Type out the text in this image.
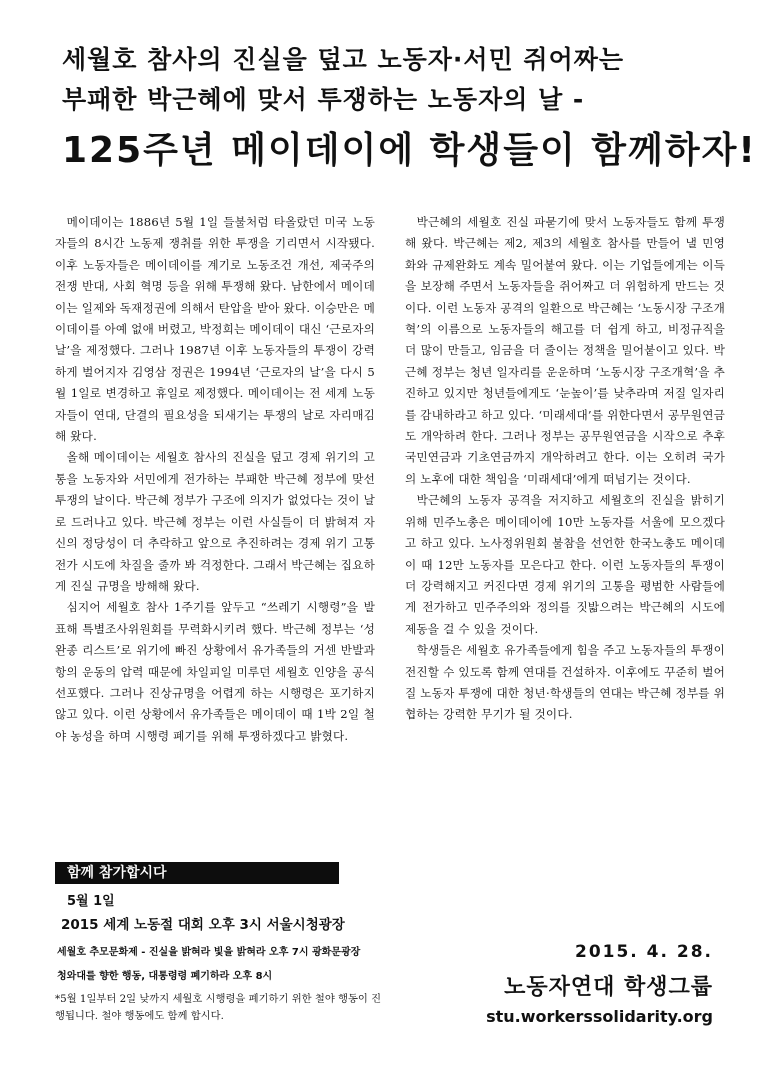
세월호 참사의 진실을 덮고 노동자·서민 쥐어짜는
부패한 박근혜에 맞서 투쟁하는 노동자의 날 -
125주년 메이데이에 학생들이 함께하자!

메이데이는 1886년 5월 1일 들불처럼 타올랐던 미국 노동자들의 8시간 노동제 쟁취를 위한 투쟁을 기리면서 시작됐다. 이후 노동자들은 메이데이를 계기로 노동조건 개선, 제국주의 전쟁 반대, 사회 혁명 등을 위해 투쟁해 왔다. 남한에서 메이데이는 일제와 독재정권에 의해서 탄압을 받아 왔다. 이승만은 메이데이를 아예 없애 버렸고, 박정희는 메이데이 대신 ‘근로자의 날’을 제정했다. 그러나 1987년 이후 노동자들의 투쟁이 강력하게 벌어지자 김영삼 정권은 1994년 ‘근로자의 날’을 다시 5월 1일로 변경하고 휴일로 제정했다. 메이데이는 전 세계 노동자들이 연대, 단결의 필요성을 되새기는 투쟁의 날로 자리매김해 왔다.

올해 메이데이는 세월호 참사의 진실을 덮고 경제 위기의 고통을 노동자와 서민에게 전가하는 부패한 박근혜 정부에 맞선 투쟁의 날이다. 박근혜 정부가 구조에 의지가 없었다는 것이 날로 드러나고 있다. 박근혜 정부는 이런 사실들이 더 밝혀져 자신의 정당성이 더 추락하고 앞으로 추진하려는 경제 위기 고통전가 시도에 차질을 줄까 봐 걱정한다. 그래서 박근혜는 집요하게 진실 규명을 방해해 왔다.

심지어 세월호 참사 1주기를 앞두고 “쓰레기 시행령”을 발표해 특별조사위원회를 무력화시키려 했다. 박근혜 정부는 ‘성완종 리스트’로 위기에 빠진 상황에서 유가족들의 거센 반발과 항의 운동의 압력 때문에 차일피일 미루던 세월호 인양을 공식 선포했다. 그러나 진상규명을 어렵게 하는 시행령은 포기하지 않고 있다. 이런 상황에서 유가족들은 메이데이 때 1박 2일 철야 농성을 하며 시행령 폐기를 위해 투쟁하겠다고 밝혔다.

박근혜의 세월호 진실 파묻기에 맞서 노동자들도 함께 투쟁해 왔다. 박근혜는 제2, 제3의 세월호 참사를 만들어 낼 민영화와 규제완화도 계속 밀어붙여 왔다. 이는 기업들에게는 이득을 보장해 주면서 노동자들을 쥐어짜고 더 위험하게 만드는 것이다. 이런 노동자 공격의 일환으로 박근혜는 ‘노동시장 구조개혁’의 이름으로 노동자들의 해고를 더 쉽게 하고, 비정규직을 더 많이 만들고, 임금을 더 줄이는 정책을 밀어붙이고 있다. 박근혜 정부는 청년 일자리를 운운하며 ‘노동시장 구조개혁’을 추진하고 있지만 청년들에게도 ‘눈높이’를 낮추라며 저질 일자리를 감내하라고 하고 있다. ‘미래세대’를 위한다면서 공무원연금도 개악하려 한다. 그러나 정부는 공무원연금을 시작으로 추후 국민연금과 기초연금까지 개악하려고 한다. 이는 오히려 국가의 노후에 대한 책임을 ‘미래세대’에게 떠넘기는 것이다.

박근혜의 노동자 공격을 저지하고 세월호의 진실을 밝히기 위해 민주노총은 메이데이에 10만 노동자를 서울에 모으겠다고 하고 있다. 노사정위원회 불참을 선언한 한국노총도 메이데이 때 12만 노동자를 모은다고 한다. 이런 노동자들의 투쟁이 더 강력해지고 커진다면 경제 위기의 고통을 평범한 사람들에게 전가하고 민주주의와 정의를 짓밟으려는 박근혜의 시도에 제동을 걸 수 있을 것이다.

학생들은 세월호 유가족들에게 힘을 주고 노동자들의 투쟁이 전진할 수 있도록 함께 연대를 건설하자. 이후에도 꾸준히 벌어질 노동자 투쟁에 대한 청년·학생들의 연대는 박근혜 정부를 위협하는 강력한 무기가 될 것이다.

함께 참가합시다
5월 1일
2015 세계 노동절 대회 오후 3시 서울시청광장
세월호 추모문화제 - 진실을 밝혀라 빛을 밝혀라 오후 7시 광화문광장
청와대를 향한 행동, 대통령령 폐기하라 오후 8시
*5월 1일부터 2일 낮까지 세월호 시행령을 폐기하기 위한 철야 행동이 진행됩니다. 철야 행동에도 함께 합시다.
2015. 4. 28.
노동자연대 학생그룹
stu.workerssolidarity.org
